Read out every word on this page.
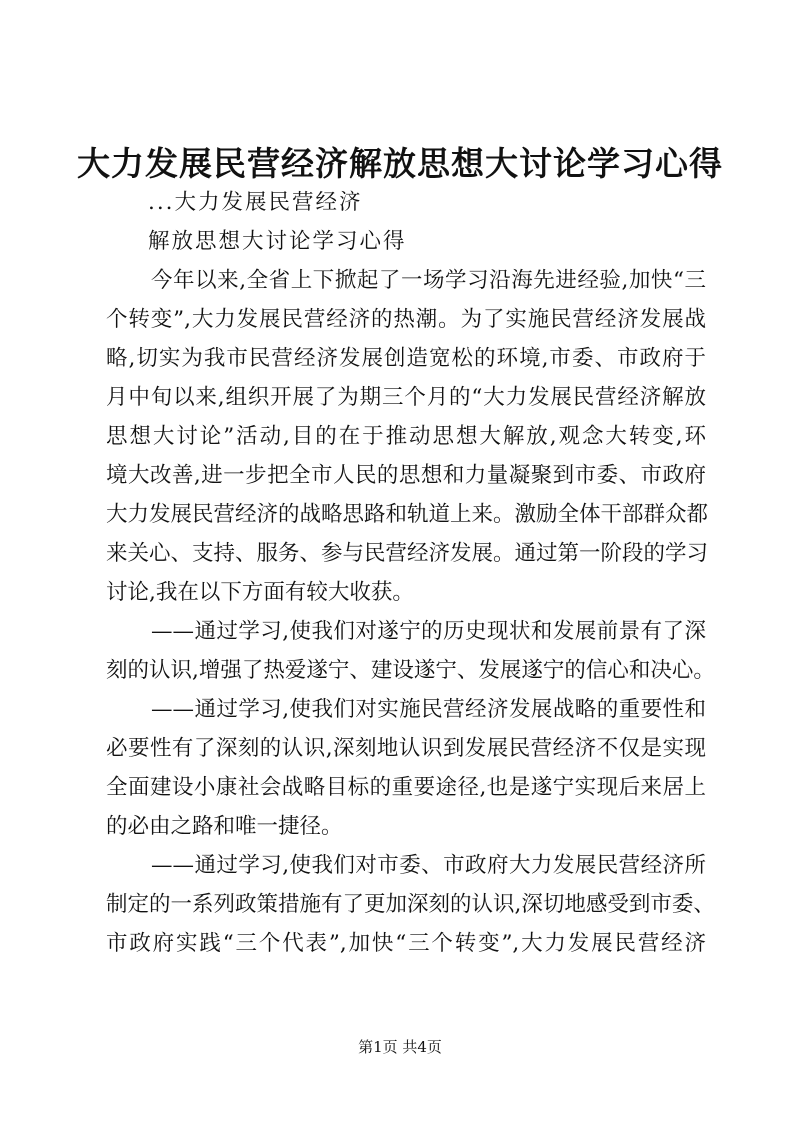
大力发展民营经济解放思想大讨论学习心得
...大力发展民营经济
解放思想大讨论学习心得
今年以来,全省上下掀起了一场学习沿海先进经验,加快“三
个转变”,大力发展民营经济的热潮。为了实施民营经济发展战
略,切实为我市民营经济发展创造宽松的环境,市委、市政府于
月中旬以来,组织开展了为期三个月的“大力发展民营经济解放
思想大讨论”活动,目的在于推动思想大解放,观念大转变,环
境大改善,进一步把全市人民的思想和力量凝聚到市委、市政府
大力发展民营经济的战略思路和轨道上来。激励全体干部群众都
来关心、支持、服务、参与民营经济发展。通过第一阶段的学习
讨论,我在以下方面有较大收获。
——通过学习,使我们对遂宁的历史现状和发展前景有了深
刻的认识,增强了热爱遂宁、建设遂宁、发展遂宁的信心和决心。
——通过学习,使我们对实施民营经济发展战略的重要性和
必要性有了深刻的认识,深刻地认识到发展民营经济不仅是实现
全面建设小康社会战略目标的重要途径,也是遂宁实现后来居上
的必由之路和唯一捷径。
——通过学习,使我们对市委、市政府大力发展民营经济所
制定的一系列政策措施有了更加深刻的认识,深切地感受到市委、
市政府实践“三个代表”,加快“三个转变”,大力发展民营经济
第1页 共4页
